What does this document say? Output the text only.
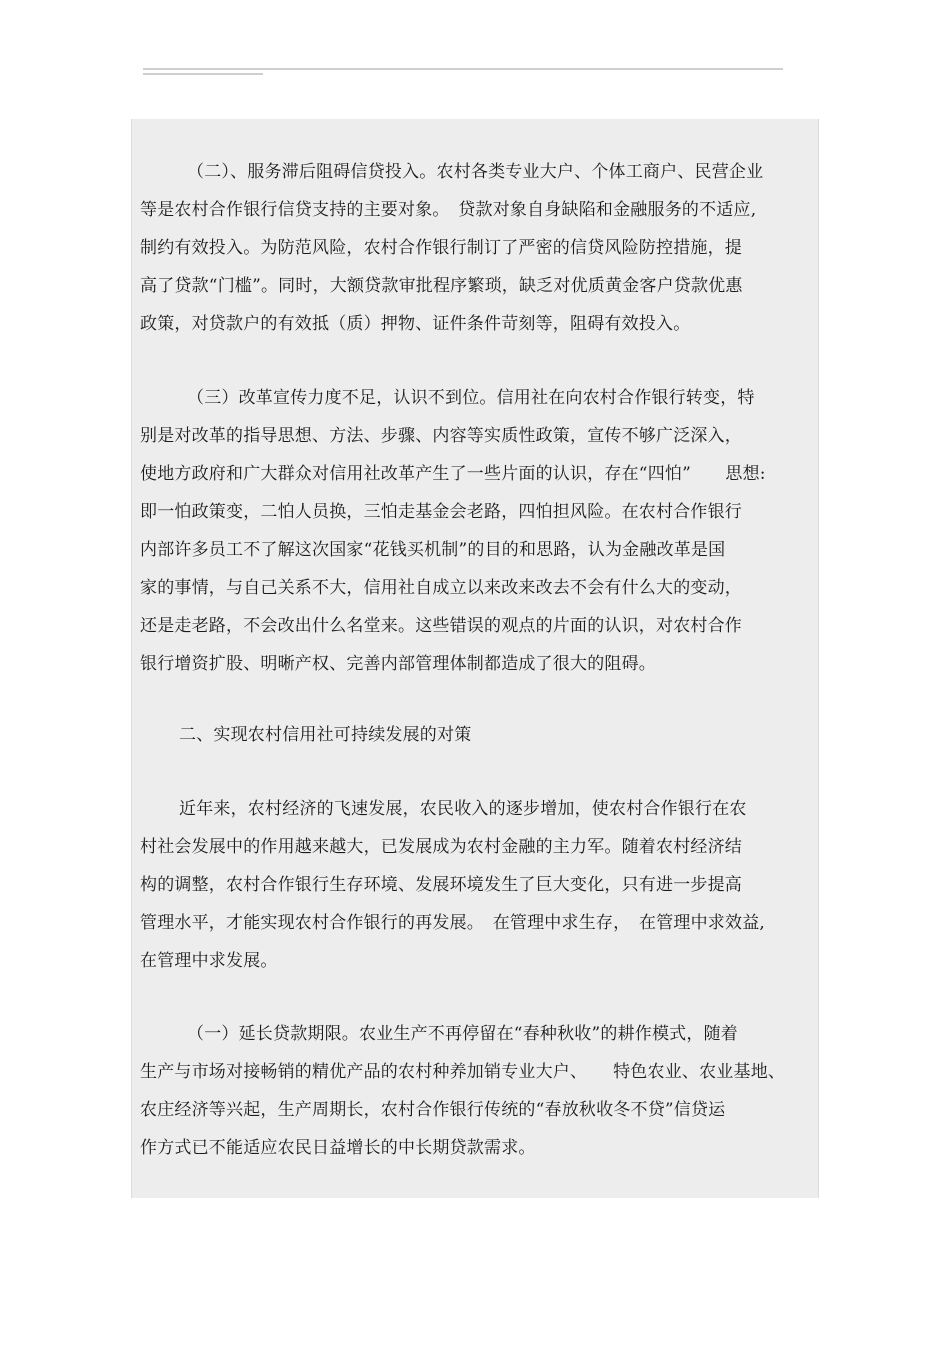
（二）、服务滞后阻碍信贷投入。农村各类专业大户、个体工商户、民营企业
等是农村合作银行信贷支持的主要对象。　贷款对象自身缺陷和金融服务的不适应,
制约有效投入。为防范风险，农村合作银行制订了严密的信贷风险防控措施，提
高了贷款“门槛”。同时，大额贷款审批程序繁琐，缺乏对优质黄金客户贷款优惠
政策，对贷款户的有效抵（质）押物、证件条件苛刻等，阻碍有效投入。
（三）改革宣传力度不足，认识不到位。信用社在向农村合作银行转变，特
别是对改革的指导思想、方法、步骤、内容等实质性政策，宣传不够广泛深入，
使地方政府和广大群众对信用社改革产生了一些片面的认识，存在“四怕”　　思想:
即一怕政策变，二怕人员换，三怕走基金会老路，四怕担风险。在农村合作银行
内部许多员工不了解这次国家“花钱买机制”的目的和思路，认为金融改革是国
家的事情，与自己关系不大，信用社自成立以来改来改去不会有什么大的变动，
还是走老路，不会改出什么名堂来。这些错误的观点的片面的认识，对农村合作
银行增资扩股、明晰产权、完善内部管理体制都造成了很大的阻碍。
二、实现农村信用社可持续发展的对策
近年来，农村经济的飞速发展，农民收入的逐步增加，使农村合作银行在农
村社会发展中的作用越来越大，已发展成为农村金融的主力军。随着农村经济结
构的调整，农村合作银行生存环境、发展环境发生了巨大变化，只有进一步提高
管理水平，才能实现农村合作银行的再发展。　在管理中求生存，　在管理中求效益,
在管理中求发展。
（一）延长贷款期限。农业生产不再停留在“春种秋收”的耕作模式，随着
生产与市场对接畅销的精优产品的农村种养加销专业大户、　　特色农业、农业基地、
农庄经济等兴起，生产周期长，农村合作银行传统的“春放秋收冬不贷”信贷运
作方式已不能适应农民日益增长的中长期贷款需求。
